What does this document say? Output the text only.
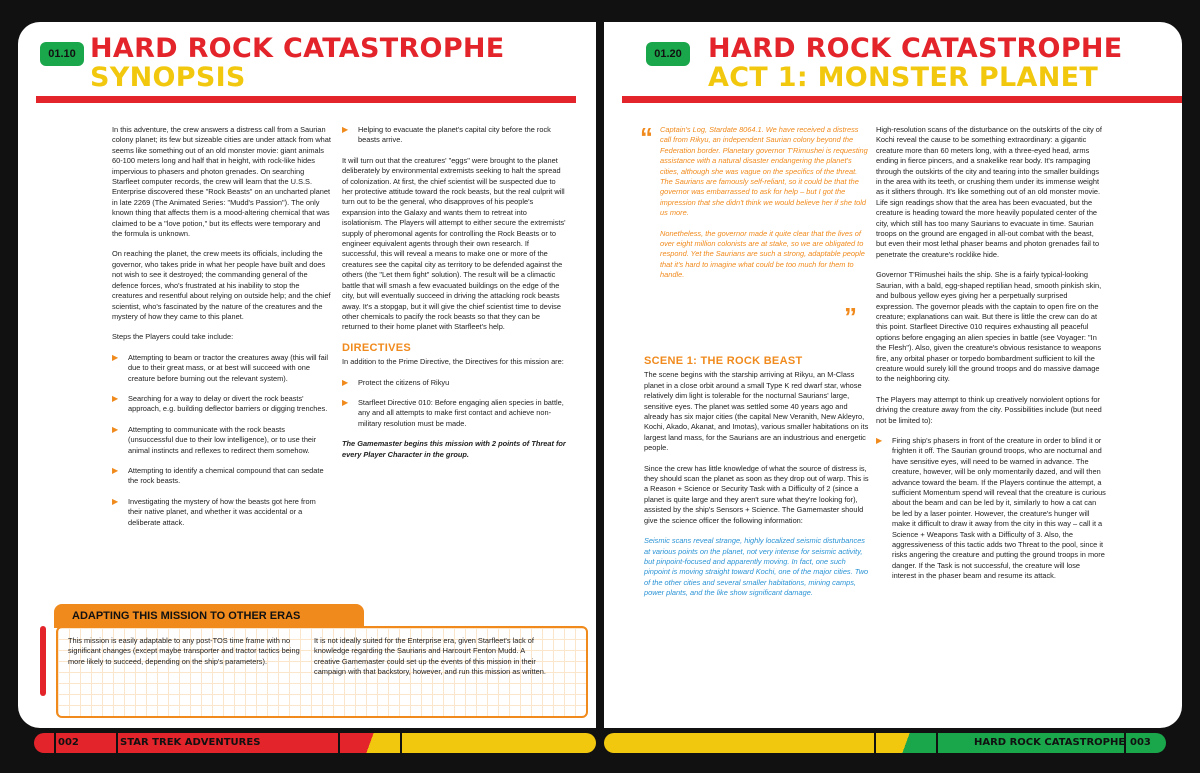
01.10 HARD ROCK CATASTROPHE
SYNOPSIS

In this adventure, the crew answers a distress call from a Saurian colony planet; its few but sizeable cities are under attack from what seems like something out of an old monster movie: giant animals 60-100 meters long and half that in height, with rock-like hides impervious to phasers and photon grenades. On searching Starfleet computer records, the crew will learn that the U.S.S. Enterprise discovered these "Rock Beasts" on an uncharted planet in late 2269 (The Animated Series: "Mudd's Passion"). The only known thing that affects them is a mood-altering chemical that was claimed to be a "love potion," but its effects were temporary and the formula is unknown.

On reaching the planet, the crew meets its officials, including the governor, who takes pride in what her people have built and does not wish to see it destroyed; the commanding general of the defence forces, who's frustrated at his inability to stop the creatures and resentful about relying on outside help; and the chief scientist, who's fascinated by the nature of the creatures and the mystery of how they came to this planet.

Steps the Players could take include:

▶ Attempting to beam or tractor the creatures away (this will fail due to their great mass, or at best will succeed with one creature before burning out the relevant system).
▶ Searching for a way to delay or divert the rock beasts' approach, e.g. building deflector barriers or digging trenches.
▶ Attempting to communicate with the rock beasts (unsuccessful due to their low intelligence), or to use their animal instincts and reflexes to redirect them somehow.
▶ Attempting to identify a chemical compound that can sedate the rock beasts.
▶ Investigating the mystery of how the beasts got here from their native planet, and whether it was accidental or a deliberate attack.
▶ Helping to evacuate the planet's capital city before the rock beasts arrive.

It will turn out that the creatures' "eggs" were brought to the planet deliberately by environmental extremists seeking to halt the spread of colonization. At first, the chief scientist will be suspected due to her protective attitude toward the rock beasts, but the real culprit will turn out to be the general, who disapproves of his people's expansion into the Galaxy and wants them to retreat into isolationism. The Players will attempt to either secure the extremists' supply of pheromonal agents for controlling the Rock Beasts or to engineer equivalent agents through their own research. If successful, this will reveal a means to make one or more of the creatures see the capital city as territory to be defended against the others (the "Let them fight" solution). The result will be a climactic battle that will smash a few evacuated buildings on the edge of the city, but will eventually succeed in driving the attacking rock beasts away. It's a stopgap, but it will give the chief scientist time to devise other chemicals to pacify the rock beasts so that they can be returned to their home planet with Starfleet's help.

DIRECTIVES

In addition to the Prime Directive, the Directives for this mission are:

▶ Protect the citizens of Rikyu
▶ Starfleet Directive 010: Before engaging alien species in battle, any and all attempts to make first contact and achieve non-military resolution must be made.

The Gamemaster begins this mission with 2 points of Threat for every Player Character in the group.

ADAPTING THIS MISSION TO OTHER ERAS
This mission is easily adaptable to any post-TOS time frame with no significant changes (except maybe transporter and tractor tactics being more likely to succeed, depending on the ship's parameters).
It is not ideally suited for the Enterprise era, given Starfleet's lack of knowledge regarding the Saurians and Harcourt Fenton Mudd. A creative Gamemaster could set up the events of this mission in their campaign with that backstory, however, and run this mission as written.
01.20 HARD ROCK CATASTROPHE
ACT 1: MONSTER PLANET
“ Captain's Log, Stardate 8064.1. We have received a distress call from Rikyu, an independent Saurian colony beyond the Federation border. Planetary governor T'Rimushei is requesting assistance with a natural disaster endangering the planet's cities, although she was vague on the specifics of the threat. The Saurians are famously self-reliant, so it could be that the governor was embarrassed to ask for help – but I got the impression that she didn't think we would believe her if she told us more.

Nonetheless, the governor made it quite clear that the lives of over eight million colonists are at stake, so we are obligated to respond. Yet the Saurians are such a strong, adaptable people that it's hard to imagine what could be too much for them to handle.

”
SCENE 1: THE ROCK BEAST

The scene begins with the starship arriving at Rikyu, an M-Class planet in a close orbit around a small Type K red dwarf star, whose relatively dim light is tolerable for the nocturnal Saurians' large, sensitive eyes. The planet was settled some 40 years ago and already has six major cities (the capital New Veranith, New Akleyro, Kochi, Akado, Akanat, and Imotas), various smaller habitations on its largest land mass, for the Saurians are an industrious and energetic people.

Since the crew has little knowledge of what the source of distress is, they should scan the planet as soon as they drop out of warp. This is a Reason + Science or Security Task with a Difficulty of 2 (since a planet is quite large and they aren't sure what they're looking for), assisted by the ship's Sensors + Science. The Gamemaster should give the science officer the following information:

Seismic scans reveal strange, highly localized seismic disturbances at various points on the planet, not very intense for seismic activity, but pinpoint-focused and apparently moving. In fact, one such pinpoint is moving straight toward Kochi, one of the major cities. Two of the other cities and several smaller habitations, mining camps, power plants, and the like show significant damage.

High-resolution scans of the disturbance on the outskirts of the city of Kochi reveal the cause to be something extraordinary: a gigantic creature more than 60 meters long, with a three-eyed head, arms ending in fierce pincers, and a snakelike rear body. It's rampaging through the outskirts of the city and tearing into the smaller buildings in the area with its teeth, or crushing them under its immense weight as it slithers through. It's like something out of an old monster movie. Life sign readings show that the area has been evacuated, but the creature is heading toward the more heavily populated center of the city, which still has too many Saurians to evacuate in time. Saurian troops on the ground are engaged in all-out combat with the beast, but even their most lethal phaser beams and photon grenades fail to penetrate the creature's rocklike hide.

Governor T'Rimushei hails the ship. She is a fairly typical-looking Saurian, with a bald, egg-shaped reptilian head, smooth pinkish skin, and bulbous yellow eyes giving her a perpetually surprised expression. The governor pleads with the captain to open fire on the creature; explanations can wait. But there is little the crew can do at this point. Starfleet Directive 010 requires exhausting all peaceful options before engaging an alien species in battle (see Voyager: "In the Flesh"). Also, given the creature's obvious resistance to weapons fire, any orbital phaser or torpedo bombardment sufficient to kill the creature would surely kill the ground troops and do massive damage to the neighboring city.

The Players may attempt to think up creatively nonviolent options for driving the creature away from the city. Possibilities include (but need not be limited to):

▶ Firing ship's phasers in front of the creature in order to blind it or frighten it off. The Saurian ground troops, who are nocturnal and have sensitive eyes, will need to be warned in advance. The creature, however, will be only momentarily dazed, and will then advance toward the beam. If the Players continue the attempt, a sufficient Momentum spend will reveal that the creature is curious about the beam and can be led by it, similarly to how a cat can be led by a laser pointer. However, the creature's hunger will make it difficult to draw it away from the city in this way – call it a Science + Weapons Task with a Difficulty of 3. Also, the aggressiveness of this tactic adds two Threat to the pool, since it risks angering the creature and putting the ground troops in more danger. If the Task is not successful, the creature will lose interest in the phaser beam and resume its attack.
002	STAR TREK ADVENTURES	HARD ROCK CATASTROPHE 003
